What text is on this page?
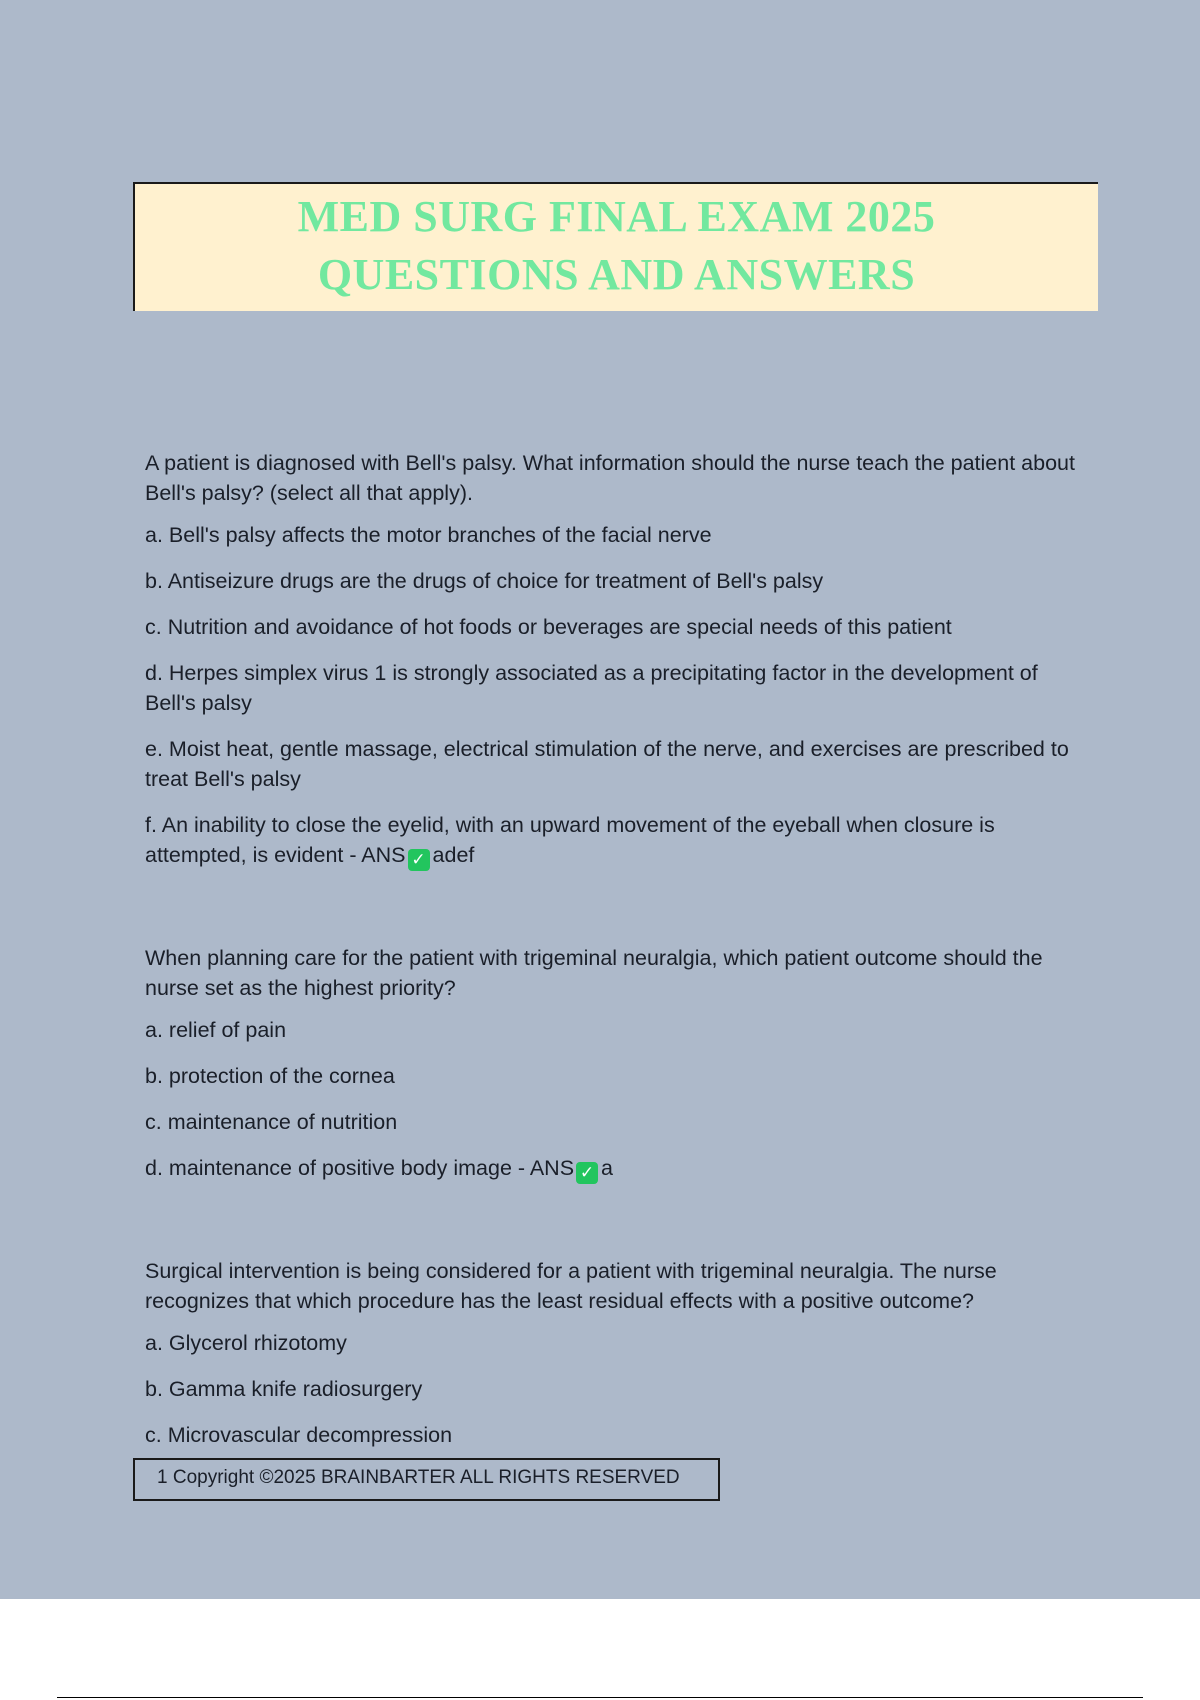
MED SURG FINAL EXAM 2025
QUESTIONS AND ANSWERS

A patient is diagnosed with Bell's palsy. What information should the nurse teach the patient about Bell's palsy? (select all that apply).

a. Bell's palsy affects the motor branches of the facial nerve

b. Antiseizure drugs are the drugs of choice for treatment of Bell's palsy

c. Nutrition and avoidance of hot foods or beverages are special needs of this patient

d. Herpes simplex virus 1 is strongly associated as a precipitating factor in the development of Bell's palsy

e. Moist heat, gentle massage, electrical stimulation of the nerve, and exercises are prescribed to treat Bell's palsy

f. An inability to close the eyelid, with an upward movement of the eyeball when closure is attempted, is evident - ANS ✓ adef

When planning care for the patient with trigeminal neuralgia, which patient outcome should the nurse set as the highest priority?

a. relief of pain

b. protection of the cornea

c. maintenance of nutrition

d. maintenance of positive body image - ANS ✓ a

Surgical intervention is being considered for a patient with trigeminal neuralgia. The nurse recognizes that which procedure has the least residual effects with a positive outcome?

a. Glycerol rhizotomy

b. Gamma knife radiosurgery

c. Microvascular decompression

1 Copyright ©2025 BRAINBARTER ALL RIGHTS RESERVED
